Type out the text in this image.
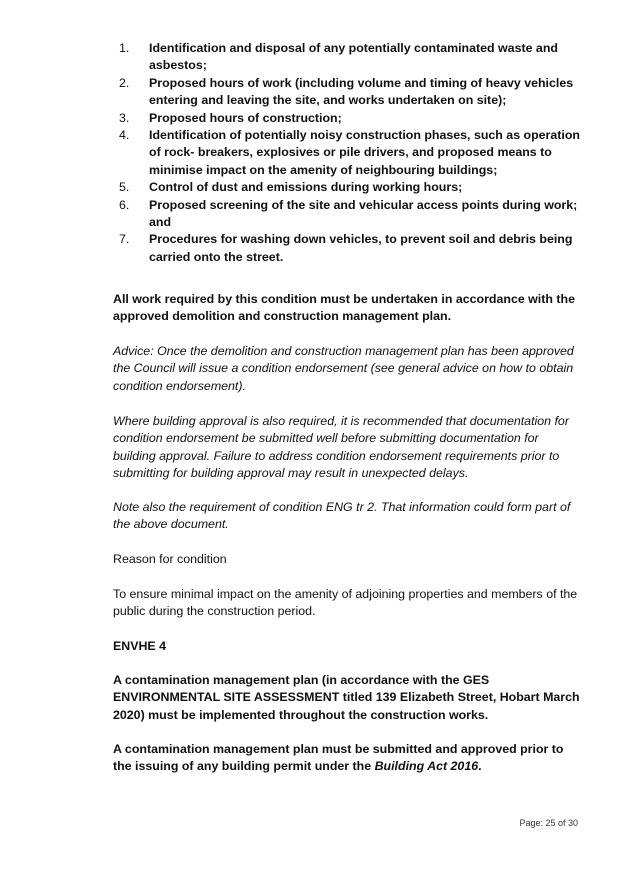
1. Identification and disposal of any potentially contaminated waste and asbestos;
2. Proposed hours of work (including volume and timing of heavy vehicles entering and leaving the site, and works undertaken on site);
3. Proposed hours of construction;
4. Identification of potentially noisy construction phases, such as operation of rock- breakers, explosives or pile drivers, and proposed means to minimise impact on the amenity of neighbouring buildings;
5. Control of dust and emissions during working hours;
6. Proposed screening of the site and vehicular access points during work; and
7. Procedures for washing down vehicles, to prevent soil and debris being carried onto the street.

All work required by this condition must be undertaken in accordance with the approved demolition and construction management plan.

Advice: Once the demolition and construction management plan has been approved the Council will issue a condition endorsement (see general advice on how to obtain condition endorsement).

Where building approval is also required, it is recommended that documentation for condition endorsement be submitted well before submitting documentation for building approval. Failure to address condition endorsement requirements prior to submitting for building approval may result in unexpected delays.

Note also the requirement of condition ENG tr 2. That information could form part of the above document.

Reason for condition

To ensure minimal impact on the amenity of adjoining properties and members of the public during the construction period.

ENVHE 4

A contamination management plan (in accordance with the GES ENVIRONMENTAL SITE ASSESSMENT titled 139 Elizabeth Street, Hobart March 2020) must be implemented throughout the construction works.

A contamination management plan must be submitted and approved prior to the issuing of any building permit under the Building Act 2016.

Page: 25 of 30
